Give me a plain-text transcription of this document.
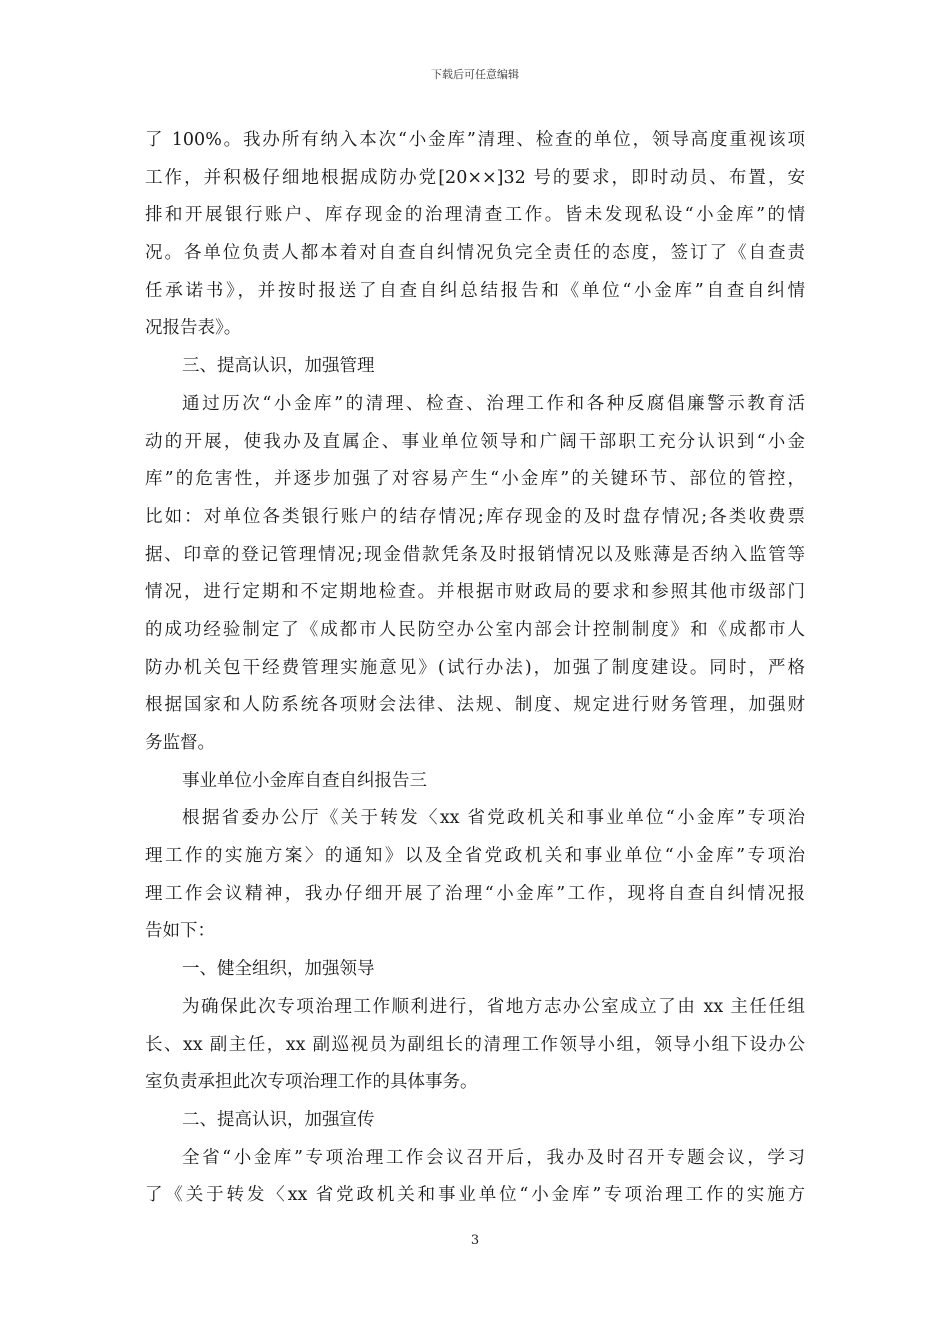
下载后可任意编辑
了 100%。我办所有纳入本次“小金库”清理、检查的单位，领导高度重视该项
工作，并积极仔细地根据成防办党[20××]32 号的要求，即时动员、布置，安
排和开展银行账户、库存现金的治理清查工作。皆未发现私设“小金库”的情
况。各单位负责人都本着对自查自纠情况负完全责任的态度，签订了《自查责
任承诺书》，并按时报送了自查自纠总结报告和《单位“小金库”自查自纠情
况报告表》。
三、提高认识，加强管理
通过历次“小金库”的清理、检查、治理工作和各种反腐倡廉警示教育活
动的开展，使我办及直属企、事业单位领导和广阔干部职工充分认识到“小金
库”的危害性，并逐步加强了对容易产生“小金库”的关键环节、部位的管控，
比如：对单位各类银行账户的结存情况;库存现金的及时盘存情况;各类收费票
据、印章的登记管理情况;现金借款凭条及时报销情况以及账薄是否纳入监管等
情况，进行定期和不定期地检查。并根据市财政局的要求和参照其他市级部门
的成功经验制定了《成都市人民防空办公室内部会计控制制度》和《成都市人
防办机关包干经费管理实施意见》(试行办法)，加强了制度建设。同时，严格
根据国家和人防系统各项财会法律、法规、制度、规定进行财务管理，加强财
务监督。
事业单位小金库自查自纠报告三
根据省委办公厅《关于转发〈xx 省党政机关和事业单位“小金库”专项治
理工作的实施方案〉的通知》以及全省党政机关和事业单位“小金库”专项治
理工作会议精神，我办仔细开展了治理“小金库”工作，现将自查自纠情况报
告如下：
一、健全组织，加强领导
为确保此次专项治理工作顺利进行，省地方志办公室成立了由 xx 主任任组
长、xx 副主任，xx 副巡视员为副组长的清理工作领导小组，领导小组下设办公
室负责承担此次专项治理工作的具体事务。
二、提高认识，加强宣传
全省“小金库”专项治理工作会议召开后，我办及时召开专题会议，学习
了《关于转发〈xx 省党政机关和事业单位“小金库”专项治理工作的实施方
3
